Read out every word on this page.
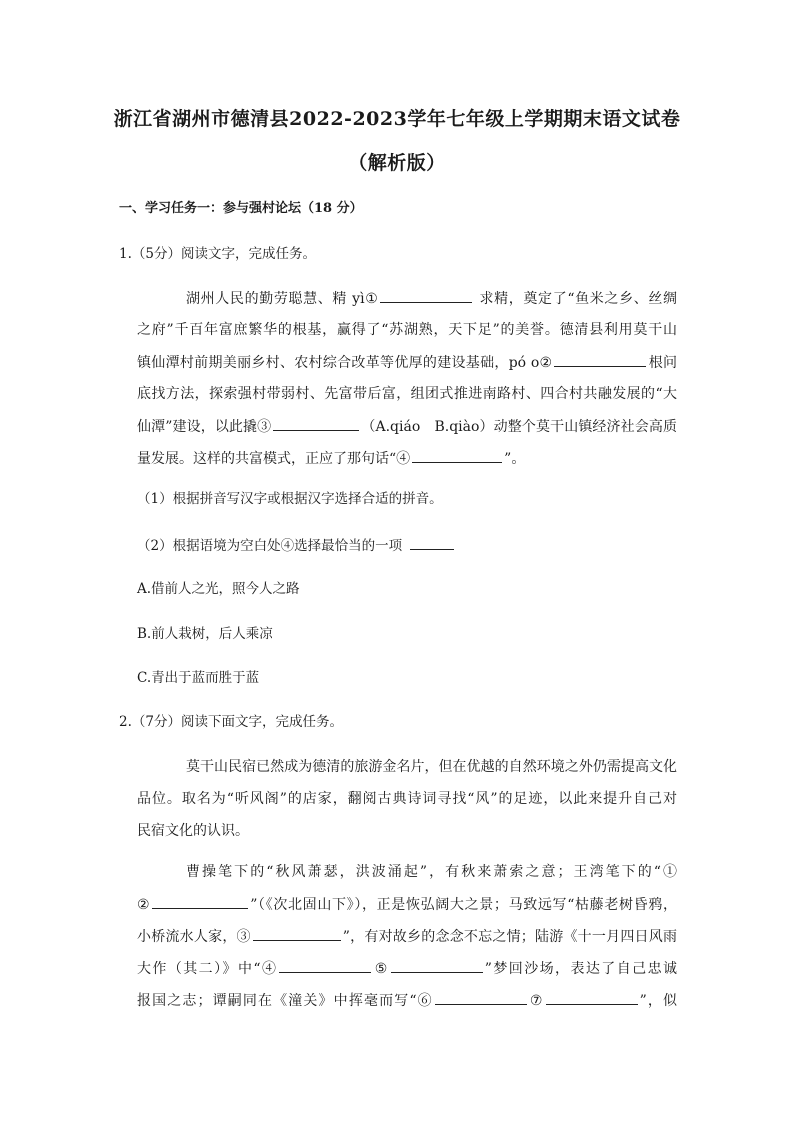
浙江省湖州市德清县2022-2023学年七年级上学期期末语文试卷
（解析版）
一、学习任务一：参与强村论坛（18 分）
1.（5分）阅读文字，完成任务。
湖州人民的勤劳聪慧、精 yì①	求精，奠定了“鱼米之乡、丝绸
之府”千百年富庶繁华的根基，赢得了“苏湖熟，天下足”的美誉。德清县利用莫干山
镇仙潭村前期美丽乡村、农村综合改革等优厚的建设基础，pó o②	根问
底找方法，探索强村带弱村、先富带后富，组团式推进南路村、四合村共融发展的“大
仙潭”建设，以此撬③	（A.qiáo　B.qiào）动整个莫干山镇经济社会高质
量发展。这样的共富模式，正应了那句话“④	”。
（1）根据拼音写汉字或根据汉字选择合适的拼音。
（2）根据语境为空白处④选择最恰当的一项
A.借前人之光，照今人之路
B.前人栽树，后人乘凉
C.青出于蓝而胜于蓝
2.（7分）阅读下面文字，完成任务。
莫干山民宿已然成为德清的旅游金名片，但在优越的自然环境之外仍需提高文化
品位。取名为“听风阁”的店家，翻阅古典诗词寻找“风”的足迹，以此来提升自己对
民宿文化的认识。
曹操笔下的“秋风萧瑟，洪波涌起”，有秋来萧索之意；王湾笔下的“①
②	”（《次北固山下》），正是恢弘阔大之景；马致远写“枯藤老树昏鸦，
小桥流水人家，③	”，有对故乡的念念不忘之情；陆游《十一月四日风雨
大作（其二）》中“④	⑤	”梦回沙场，表达了自己忠诚
报国之志；谭嗣同在《潼关》中挥毫而写“⑥	⑦	”，似
